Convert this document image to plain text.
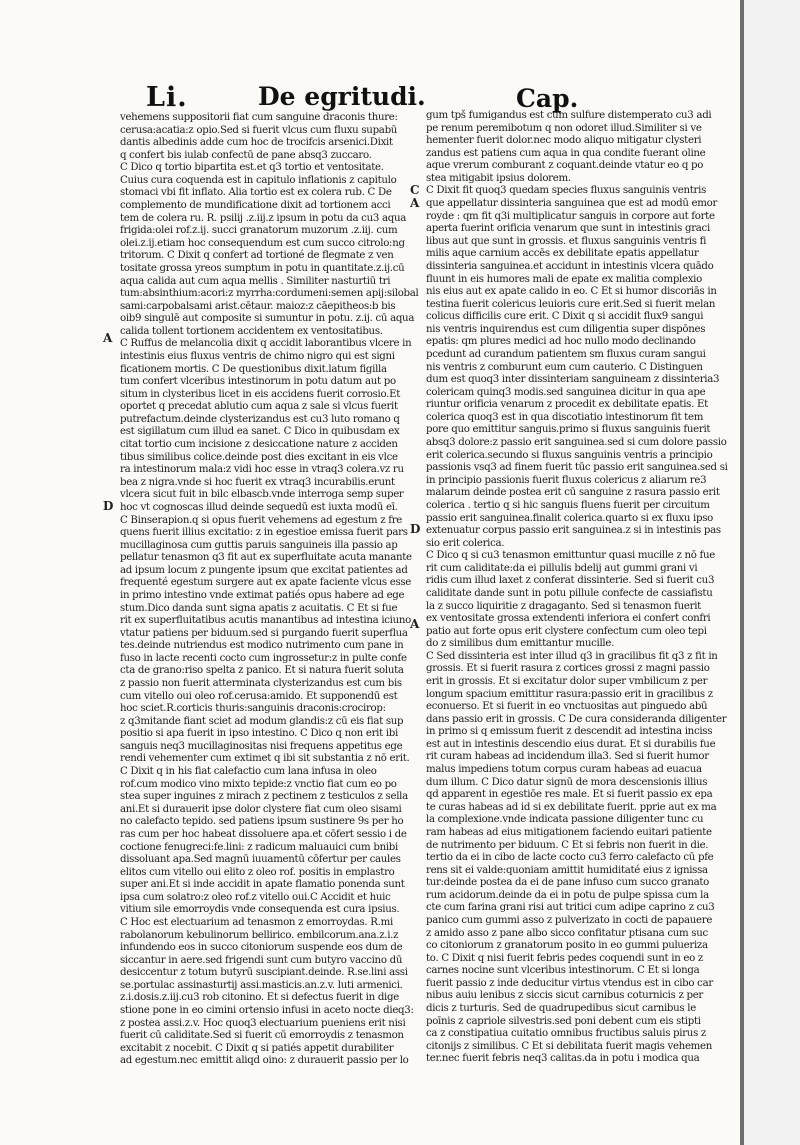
Li.	De egritudi.	Cap.
A
D
C
A
D
A
vehemens suppositorii fiat cum sanguine draconis thure:
cerusa:acatia:z opio.Sed si fuerit vlcus cum fluxu supabū
dantis albedinis adde cum hoc de trocifcis arsenici.Dixit
q confert bis iulab confectū de pane absq3 zuccaro.
C Dico q tortio bipartita est.et q3 tortio et ventositate.
Cuius cura coquenda est in capitulo inflationis z capitulo
stomaci vbi fit inflato. Alia tortio est ex colera rub. C De
complemento de mundificatione dixit ad tortionem acci
tem de colera ru. R. psilij .z.iij.z ipsum in potu da cu3 aqua
frigida:olei rof.z.ij. succi granatorum muzorum .z.iij. cum
olei.z.ij.etiam hoc consequendum est cum succo citrolo:ng
tritorum. C Dixit q confert ad tortioné de flegmate z ven
tositate grossa yreos sumptum in potu in quantitate.z.ij.cū
aqua calida aut cum aqua mellis . Similiter nasturtiū tri
tum:absinthium:acori:z myrrha:cordumeni:semen apij:silobal
sami:carpobalsami arist.cētaur. maioz:z cāepitheos:b bis
oib9 singulē aut composite si sumuntur in potu. z.ij. cū aqua
calida tollent tortionem accidentem ex ventositatibus.
C Ruffus de melancolia dixit q accidit laborantibus vlcere in
intestinis eius fluxus ventris de chimo nigro qui est signi
ficationem mortis. C De questionibus dixit.latum figilla
tum confert vlceribus intestinorum in potu datum aut po
situm in clysteribus licet in eis accidens fuerit corrosio.Et
oportet q precedat ablutio cum aqua z sale si vlcus fuerit
putrefactum.deinde clysterizandus est cu3 luto romano q
est sigillatum cum illud ea sanet. C Dico in quibusdam ex
citat tortio cum incisione z desiccatione nature z acciden
tibus similibus colice.deinde post dies excitant in eis vlce
ra intestinorum mala:z vidi hoc esse in vtraq3 colera.vz ru
bea z nigra.vnde si hoc fuerit ex vtraq3 incurabilis.erunt
vlcera sicut fuit in bilc elbascb.vnde interroga semp super
hoc vt cognoscas illud deinde sequedū est iuxta modū eī.
C Binserapion.q si opus fuerit vehemens ad egestum z fre
quens fuerit illius excitatio: z in egestioe emissa fuerit pars
mucillaginosa cum guttis paruis sanguineis illa passio ap
pellatur tenasmon q3 fit aut ex superfluitate acuta manante
ad ipsum locum z pungente ipsum que excitat patientes ad
frequenté egestum surgere aut ex apate faciente vlcus esse
in primo intestino vnde extimat patiés opus habere ad ege
stum.Dico danda sunt signa apatis z acuitatis. C Et si fue
rit ex superfluitatibus acutis manantibus ad intestina iciuno
vtatur patiens per biduum.sed si purgando fuerit superflua
tes.deinde nutriendus est modico nutrimento cum pane in
fuso in lacte recenti cocto cum ingrossetur:z in pulte confe
cta de grano:riso spelta z panico. Et si natura fuerit soluta
z passio non fuerit atterminata clysterizandus est cum bis
cum vitello oui oleo rof.cerusa:amido. Et supponendū est
hoc sciet.R.corticis thuris:sanguinis draconis:crocirop:
z q3mitande fiant sciet ad modum glandis:z cū eis fiat sup
positio si apa fuerit in ipso intestino. C Dico q non erit ibi
sanguis neq3 mucillaginositas nisi frequens appetitus ege
rendi vehementer cum extimet q ibi sit substantia z nō erit.
C Dixit q in his fiat calefactio cum lana infusa in oleo
rof.cum modico vino mixto tepide:z vnctio fiat cum eo po
stea super inguines z mirach z pectinem z testiculos z sella
ani.Et si durauerit ipse dolor clystere fiat cum oleo sisami
no calefacto tepido. sed patiens ipsum sustinere 9s per ho
ras cum per hoc habeat dissoluere apa.et cōfert sessio i de
coctione fenugreci:fe.lini: z radicum maluauiсі cum bnibi
dissoluant apa.Sed magnū iuuamentū cōfertur per caules
elitos cum vitello oui elito z oleo rof. positis in emplastro
super ani.Et si inde accidit in apate flamatio ponenda sunt
ipsa cum solatro:z oleo rof.z vitello oui.C Accidit et huic
vitium sile emorroydis vnde consequenda est cura ipsius.
C Hoc est electuarium ad tenasmon z emorroydas. R.mi
rabolanorum kebulinorum bellirico. embilcorum.ana.z.i.z
infundendo eos in succo citoniorum suspende eos dum de
siccantur in aere.sed frigendi sunt cum butyro vaccino dū
desiccentur z totum butyrū suscipiant.deinde. R.se.lini assi
se.portulac assinasturtij assi.masticis.an.z.v. luti armenici.
z.i.dosis.z.iij.cu3 rob citonino. Et si defectus fuerit in dige
stione pone in eo cimini ortensio infusi in aceto nocte dieq3:
z postea assi.z.v. Hoc quoq3 electuarium pueniens erit nisi
fuerit cū caliditate.Sed si fuerit cū emorroydis z tenasmon
excitabit z nocebit. C Dixit q si patiés appetit durabiliter
ad egestum.nec emittit aliqd oino: z durauerit passio per lo
gum tpš fumigandus est cum sulfure distemperato cu3 adi
pe renum peremibotum q non odoret illud.Similiter si ve
hementer fuerit dolor.nec modo aliquo mitigatur clysteri
zandus est patiens cum aqua in qua condite fuerant oline
aque vrerum comburant z coquant.deinde vtatur eo q po
stea mitigabit ipsius dolorem.
C Dixit fit quoq3 quedam species fluxus sanguinis ventris
que appellatur dissinteria sanguinea que est ad modū emor
royde : qm fit q3i multiplicatur sanguis in corpore aut forte
aperta fuerint orificia venarum que sunt in intestinis graci
libus aut que sunt in grossis. et fluxus sanguinis ventris fi
milis aque carnium accēs ex debilitate epatis appellatur
dissinteria sanguinea.et accidunt in intestinis vlcera quādo
fluunt in eis humores mali de epate ex malitia complexio
nis eius aut ex apate calido in eo. C Et si humor discoriās in
testina fuerit colericus leuioris cure erit.Sed si fuerit melan
colicus difficilis cure erit. C Dixit q si accidit flux9 sangui
nis ventris inquirendus est cum diligentia super dispōnes
epatis: qm plures medici ad hoc nullo modo declinando
pcedunt ad curandum patientem sm fluxus curam sangui
nis ventris z comburunt eum cum cauterio. C Distinguen
dum est quoq3 inter dissinteriam sanguineam z dissinteria3
colericam quinq3 modis.sed sanguinea dicitur in qua ape
riuntur orificia venarum z procedit ex debilitate epatis. Et
colerica quoq3 est in qua discotiatio intestinorum fit tem
pore quo emittitur sanguis.primo si fluxus sanguinis fuerit
absq3 dolore:z passio erit sanguinea.sed si cum dolore passio
erit colerica.secundo si fluxus sanguinis ventris a principio
passionis vsq3 ad finem fuerit tūc passio erit sanguinea.sed si
in principio passionis fuerit fluxus colericus z aliarum re3
malarum deinde postea erit cū sanguine z rasura passio erit
colerica . tertio q si hic sanguis fluens fuerit per circuitum
passio erit sanguinea.finalit colerica.quarto si ex fluxu ipso
extenuatur corpus passio erit sanguinea.z si in intestinis pas
sio erit colerica.
C Dico q si cu3 tenasmon emittuntur quasi mucille z nō fue
rit cum caliditate:da ei pillulis bdelij aut gummi grani vi
ridis cum illud laxet z conferat dissinterie. Sed si fuerit cu3
caliditate dande sunt in potu pillule confecte de cassiafistu
la z succo liquiritie z dragaganto. Sed si tenasmon fuerit
ex ventositate grossa extendenti inferiora ei confert confri
patio aut forte opus erit clystere confectum cum oleo tepi
do z similibus dum emittantur mucille.
C Sed dissinteria est inter illud q3 in gracilibus fit q3 z fit in
grossis. Et si fuerit rasura z cortices grossi z magni passio
erit in grossis. Et si excitatur dolor super vmbilicum z per
longum spacium emittitur rasura:passio erit in gracilibus z
econuerso. Et si fuerit in eo vnctuositas aut pinguedo abū
dans passio erit in grossis. C De cura consideranda diligenter
in primo si q emissum fuerit z descendit ad intestina inciss
est aut in intestinis descendio eius durat. Et si durabilis fue
rit curam habeas ad incidendum illa3. Sed si fuerit humor
malus impediens totum corpus curam habeas ad euacua
dum illum. C Dico datur signū de mora descensionis illius
qd apparent in egestiōe res male. Et si fuerit passio ex epa
te curas habeas ad id si ex debilitate fuerit. pprie aut ex ma
la complexione.vnde indicata passione diligenter tunc cu
ram habeas ad eius mitigationem faciendo euitari patiente
de nutrimento per biduum. C Et si febris non fuerit in die.
tertio da ei in cibo de lacte cocto cu3 ferro calefacto cū pfe
rens sit ei valde:quoniam amittit humiditaté eius z ignissa
tur:deinde postea da ei de pane infuso cum succo granato
rum acidorum.deinde da ei in potu de pulpe spissa cum la
cte cum farina grani risi aut tritici cum adipe caprino z cu3
panico cum gummi asso z pulverizato in cocti de papauere
z amido asso z pane albo sicco confitatur ptisana cum suc
co citoniorum z granatorum posito in eo gummi pulueriza
to. C Dixit q nisi fuerit febris pedes coquendi sunt in eo z
carnes nocine sunt vlceribus intestinorum. C Et si longa
fuerit passio z inde deducitur virtus vtendus est in cibo car
nibus auiu lenibus z siccis sicut carnibus coturnicis z per
dicis z turturis. Sed de quadrupedibus sicut carnibus le
poīnis z capriole silvestris.sed poni debent cum eis stipti
ca z constipatiua cuitatio omnibus fructibus saluis pirus z
citonijs z similibus. C Et si debilitata fuerit magis vehemen
ter.nec fuerit febris neq3 calitas.da in potu i modica qua
